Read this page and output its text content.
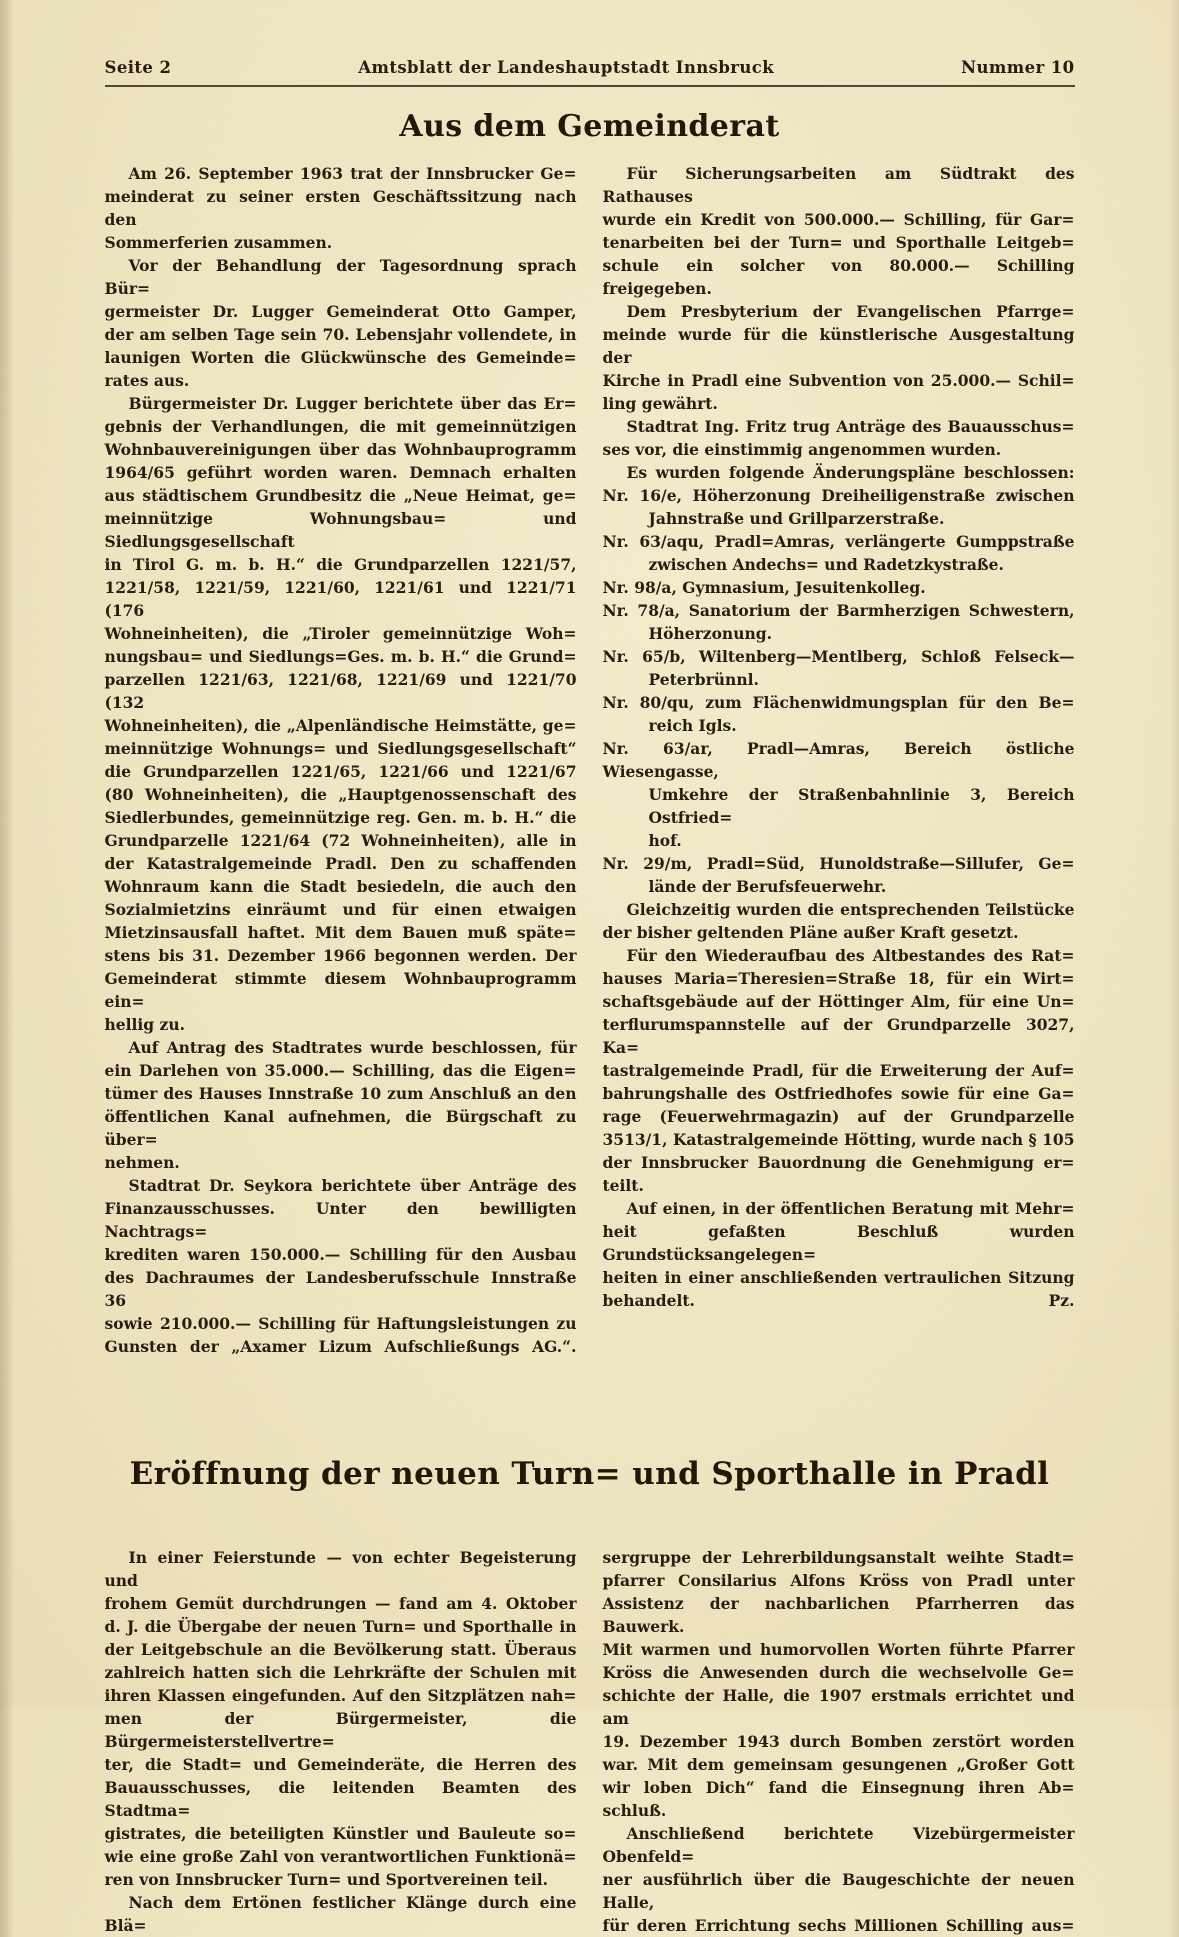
Seite 2	Amtsblatt der Landeshauptstadt Innsbruck	Nummer 10
Aus dem Gemeinderat
Am 26. September 1963 trat der Innsbrucker Ge=
meinderat zu seiner ersten Geschäftssitzung nach den
Sommerferien zusammen.
Vor der Behandlung der Tagesordnung sprach Bür=
germeister Dr. Lugger Gemeinderat Otto Gamper,
der am selben Tage sein 70. Lebensjahr vollendete, in
launigen Worten die Glückwünsche des Gemeinde=
rates aus.
Bürgermeister Dr. Lugger berichtete über das Er=
gebnis der Verhandlungen, die mit gemeinnützigen
Wohnbauvereinigungen über das Wohnbauprogramm
1964/65 geführt worden waren. Demnach erhalten
aus städtischem Grundbesitz die „Neue Heimat, ge=
meinnützige Wohnungsbau= und Siedlungsgesellschaft
in Tirol G. m. b. H.“ die Grundparzellen 1221/57,
1221/58, 1221/59, 1221/60, 1221/61 und 1221/71 (176
Wohneinheiten), die „Tiroler gemeinnützige Woh=
nungsbau= und Siedlungs=Ges. m. b. H.“ die Grund=
parzellen 1221/63, 1221/68, 1221/69 und 1221/70 (132
Wohneinheiten), die „Alpenländische Heimstätte, ge=
meinnützige Wohnungs= und Siedlungsgesellschaft“
die Grundparzellen 1221/65, 1221/66 und 1221/67
(80 Wohneinheiten), die „Hauptgenossenschaft des
Siedlerbundes, gemeinnützige reg. Gen. m. b. H.“ die
Grundparzelle 1221/64 (72 Wohneinheiten), alle in
der Katastralgemeinde Pradl. Den zu schaffenden
Wohnraum kann die Stadt besiedeln, die auch den
Sozialmietzins einräumt und für einen etwaigen
Mietzinsausfall haftet. Mit dem Bauen muß späte=
stens bis 31. Dezember 1966 begonnen werden. Der
Gemeinderat stimmte diesem Wohnbauprogramm ein=
hellig zu.
Auf Antrag des Stadtrates wurde beschlossen, für
ein Darlehen von 35.000.— Schilling, das die Eigen=
tümer des Hauses Innstraße 10 zum Anschluß an den
öffentlichen Kanal aufnehmen, die Bürgschaft zu über=
nehmen.
Stadtrat Dr. Seykora berichtete über Anträge des
Finanzausschusses. Unter den bewilligten Nachtrags=
krediten waren 150.000.— Schilling für den Ausbau
des Dachraumes der Landesberufsschule Innstraße 36
sowie 210.000.— Schilling für Haftungsleistungen zu
Gunsten der „Axamer Lizum Aufschließungs AG.“.
Für Sicherungsarbeiten am Südtrakt des Rathauses
wurde ein Kredit von 500.000.— Schilling, für Gar=
tenarbeiten bei der Turn= und Sporthalle Leitgeb=
schule ein solcher von 80.000.— Schilling freigegeben.
Dem Presbyterium der Evangelischen Pfarrge=
meinde wurde für die künstlerische Ausgestaltung der
Kirche in Pradl eine Subvention von 25.000.— Schil=
ling gewährt.
Stadtrat Ing. Fritz trug Anträge des Bauausschus=
ses vor, die einstimmig angenommen wurden.
Es wurden folgende Änderungspläne beschlossen:
Nr. 16/e, Höherzonung Dreiheiligenstraße zwischen
Jahnstraße und Grillparzerstraße.
Nr. 63/aqu, Pradl=Amras, verlängerte Gumppstraße
zwischen Andechs= und Radetzkystraße.
Nr. 98/a, Gymnasium, Jesuitenkolleg.
Nr. 78/a, Sanatorium der Barmherzigen Schwestern,
Höherzonung.
Nr. 65/b, Wiltenberg—Mentlberg, Schloß Felseck—
Peterbrünnl.
Nr. 80/qu, zum Flächenwidmungsplan für den Be=
reich Igls.
Nr. 63/ar, Pradl—Amras, Bereich östliche Wiesengasse,
Umkehre der Straßenbahnlinie 3, Bereich Ostfried=
hof.
Nr. 29/m, Pradl=Süd, Hunoldstraße—Sillufer, Ge=
lände der Berufsfeuerwehr.
Gleichzeitig wurden die entsprechenden Teilstücke
der bisher geltenden Pläne außer Kraft gesetzt.
Für den Wiederaufbau des Altbestandes des Rat=
hauses Maria=Theresien=Straße 18, für ein Wirt=
schaftsgebäude auf der Höttinger Alm, für eine Un=
terflurumspannstelle auf der Grundparzelle 3027, Ka=
tastralgemeinde Pradl, für die Erweiterung der Auf=
bahrungshalle des Ostfriedhofes sowie für eine Ga=
rage (Feuerwehrmagazin) auf der Grundparzelle
3513/1, Katastralgemeinde Hötting, wurde nach § 105
der Innsbrucker Bauordnung die Genehmigung er=
teilt.
Auf einen, in der öffentlichen Beratung mit Mehr=
heit gefaßten Beschluß wurden Grundstücksangelegen=
heiten in einer anschließenden vertraulichen Sitzung
behandelt.	Pz.
Eröffnung der neuen Turn= und Sporthalle in Pradl
In einer Feierstunde — von echter Begeisterung und
frohem Gemüt durchdrungen — fand am 4. Oktober
d. J. die Übergabe der neuen Turn= und Sporthalle in
der Leitgebschule an die Bevölkerung statt. Überaus
zahlreich hatten sich die Lehrkräfte der Schulen mit
ihren Klassen eingefunden. Auf den Sitzplätzen nah=
men der Bürgermeister, die Bürgermeisterstellvertre=
ter, die Stadt= und Gemeinderäte, die Herren des
Bauausschusses, die leitenden Beamten des Stadtma=
gistrates, die beteiligten Künstler und Bauleute so=
wie eine große Zahl von verantwortlichen Funktionä=
ren von Innsbrucker Turn= und Sportvereinen teil.
Nach dem Ertönen festlicher Klänge durch eine Blä=
sergruppe der Lehrerbildungsanstalt weihte Stadt=
pfarrer Consilarius Alfons Kröss von Pradl unter
Assistenz der nachbarlichen Pfarrherren das Bauwerk.
Mit warmen und humorvollen Worten führte Pfarrer
Kröss die Anwesenden durch die wechselvolle Ge=
schichte der Halle, die 1907 erstmals errichtet und am
19. Dezember 1943 durch Bomben zerstört worden
war. Mit dem gemeinsam gesungenen „Großer Gott
wir loben Dich“ fand die Einsegnung ihren Ab=
schluß.
Anschließend berichtete Vizebürgermeister Obenfeld=
ner ausführlich über die Baugeschichte der neuen Halle,
für deren Errichtung sechs Millionen Schilling aus=
